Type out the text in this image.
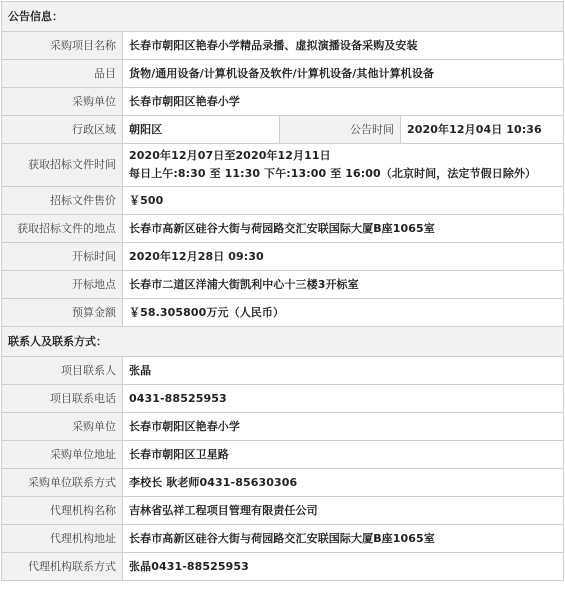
公告信息：			
采购项目名称	长春市朝阳区艳春小学精品录播、虚拟演播设备采购及安装		
品目	货物/通用设备/计算机设备及软件/计算机设备/其他计算机设备		
采购单位	长春市朝阳区艳春小学		
行政区域	朝阳区	公告时间	2020年12月04日 10:36
获取招标文件时间	2020年12月07日至2020年12月11日
每日上午:8:30 至 11:30 下午:13:00 至 16:00（北京时间，法定节假日除外）		

招标文件售价	￥500		
获取招标文件的地点	长春市高新区硅谷大街与荷园路交汇安联国际大厦B座1065室		
开标时间	2020年12月28日 09:30		
开标地点	长春市二道区洋浦大街凯利中心十三楼3开标室		
预算金额	￥58.305800万元（人民币）		
联系人及联系方式：			
项目联系人	张晶		
项目联系电话	0431-88525953		
采购单位	长春市朝阳区艳春小学		
采购单位地址	长春市朝阳区卫星路		
采购单位联系方式	李校长 耿老师0431-85630306		
代理机构名称	吉林省弘祥工程项目管理有限责任公司		
代理机构地址	长春市高新区硅谷大街与荷园路交汇安联国际大厦B座1065室		
代理机构联系方式	张晶0431-88525953		
